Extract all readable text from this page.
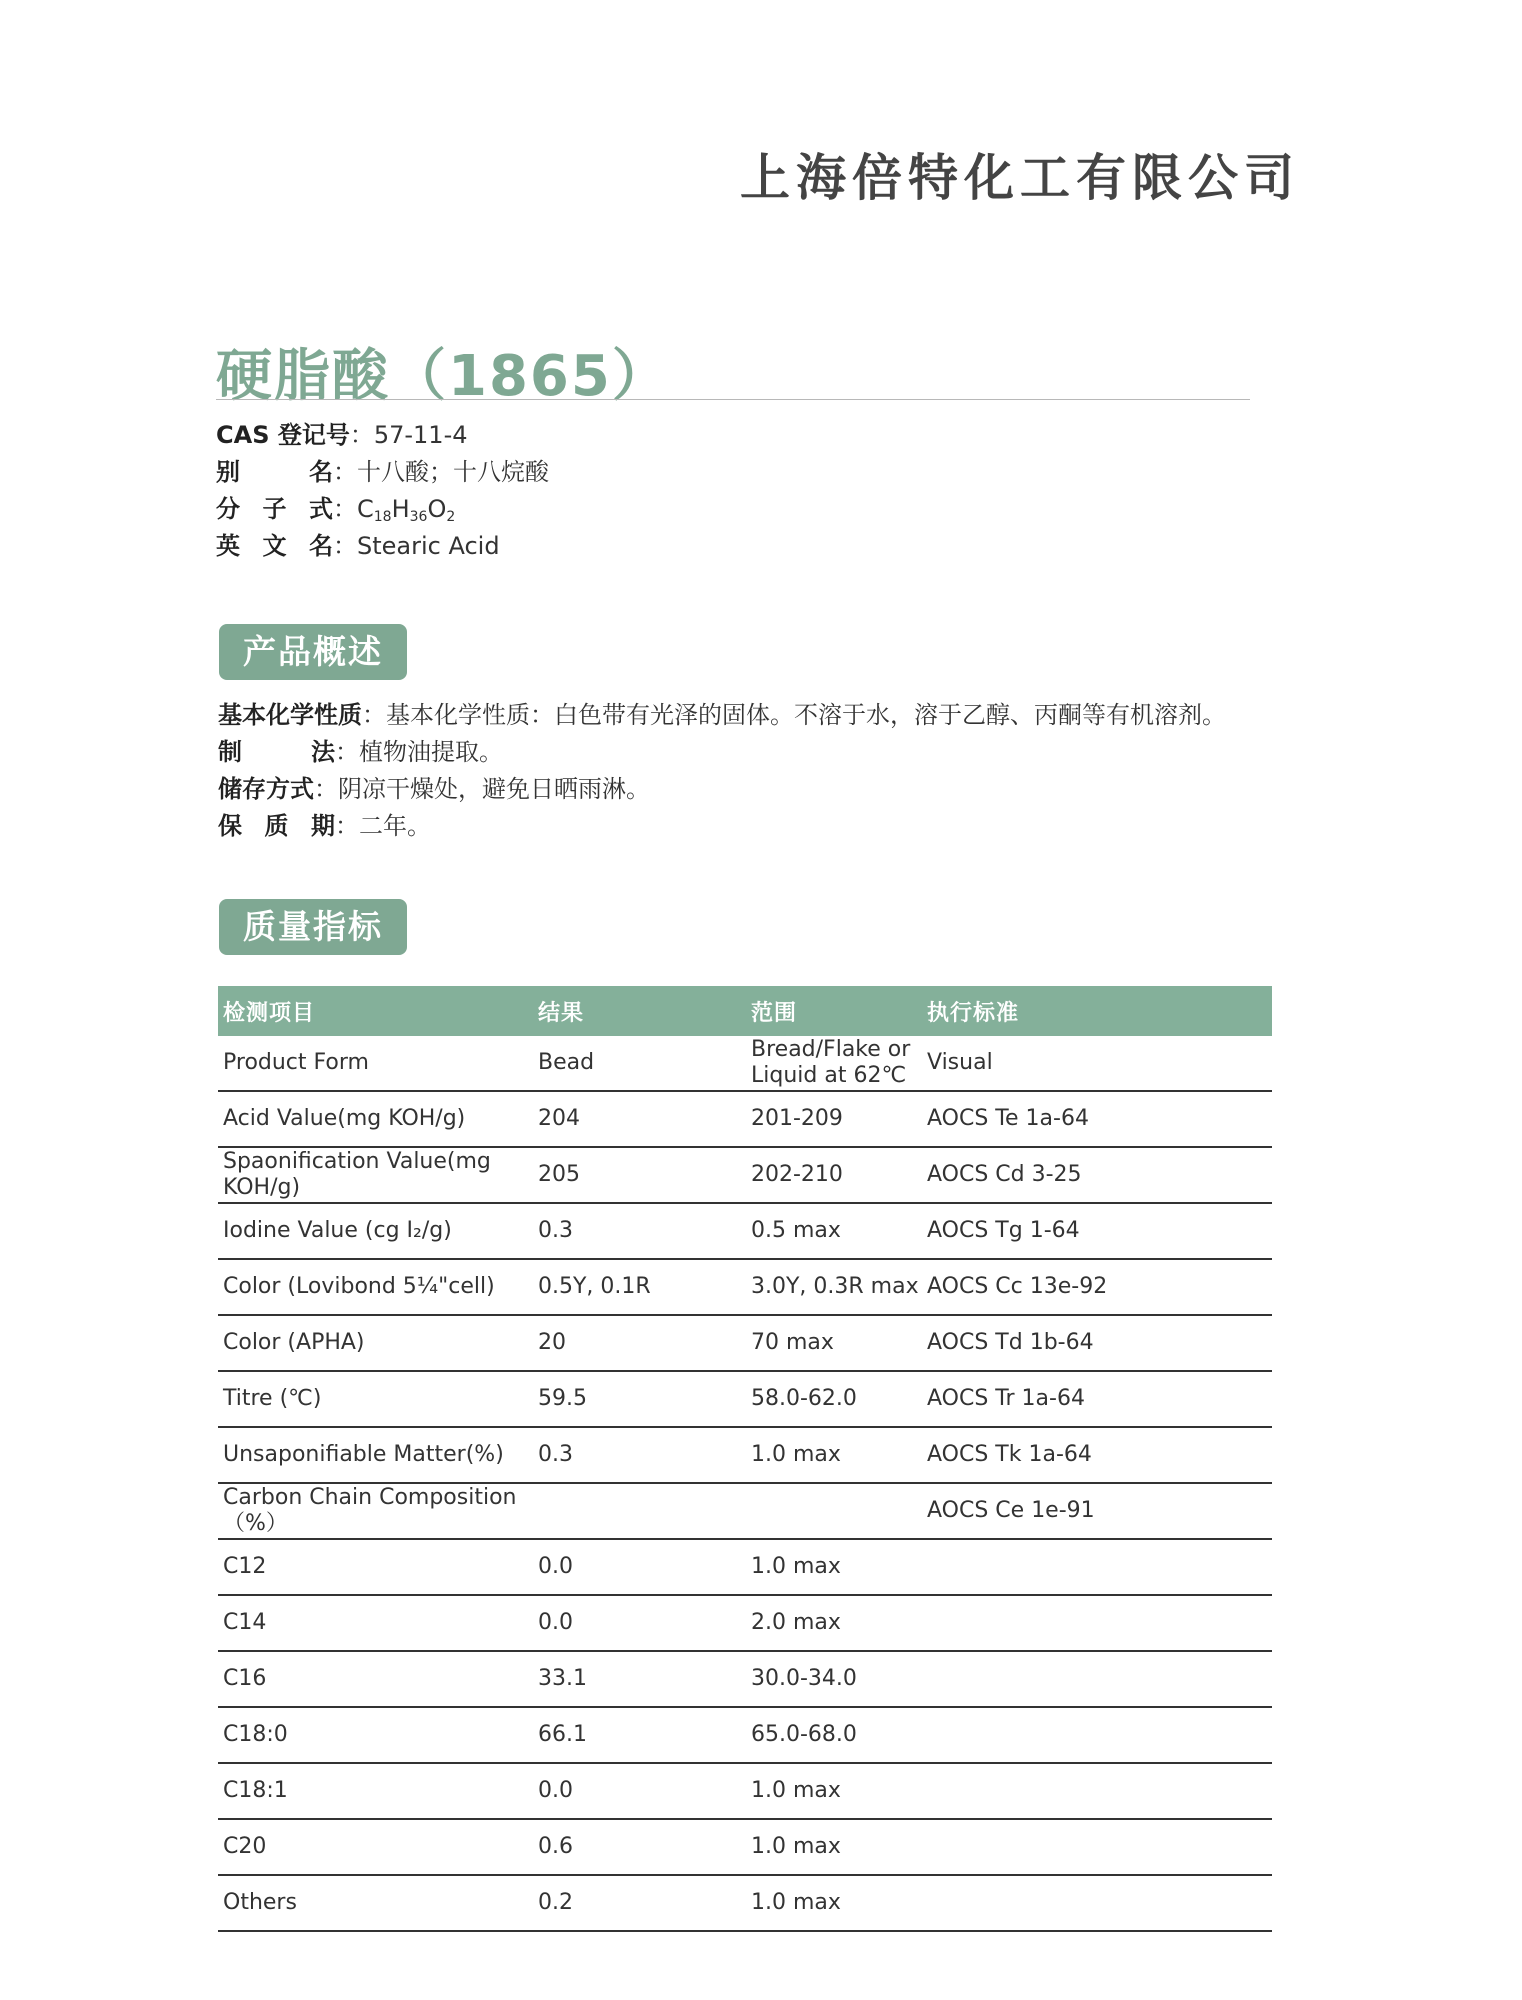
上海倍特化工有限公司
硬脂酸（1865）
CAS 登记号：57-11-4
别名：十八酸；十八烷酸
分子式：$C_{18}H_{36}O_2$
英文名：Stearic Acid
产品概述
基本化学性质：基本化学性质：白色带有光泽的固体。不溶于水，溶于乙醇、丙酮等有机溶剂。
制法：植物油提取。
储存方式：阴凉干燥处，避免日晒雨淋。
保质期：二年。
质量指标
检测项目	结果	范围	执行标准
Product Form	Bead	Bread/Flake or Liquid at 62℃	Visual
Acid Value(mg KOH/g)	204	201-209	AOCS Te 1a-64
Spaonification Value(mg KOH/g)	205	202-210	AOCS Cd 3-25
Iodine Value (cg I₂/g)	0.3	0.5 max	AOCS Tg 1-64
Color (Lovibond 5¼"cell)	0.5Y, 0.1R	3.0Y, 0.3R max	AOCS Cc 13e-92
Color (APHA)	20	70 max	AOCS Td 1b-64
Titre (℃)	59.5	58.0-62.0	AOCS Tr 1a-64
Unsaponifiable Matter(%)	0.3	1.0 max	AOCS Tk 1a-64
Carbon Chain Composition（%）			AOCS Ce 1e-91
C12	0.0	1.0 max	
C14	0.0	2.0 max	
C16	33.1	30.0-34.0	
C18:0	66.1	65.0-68.0	
C18:1	0.0	1.0 max	
C20	0.6	1.0 max	
Others	0.2	1.0 max	
